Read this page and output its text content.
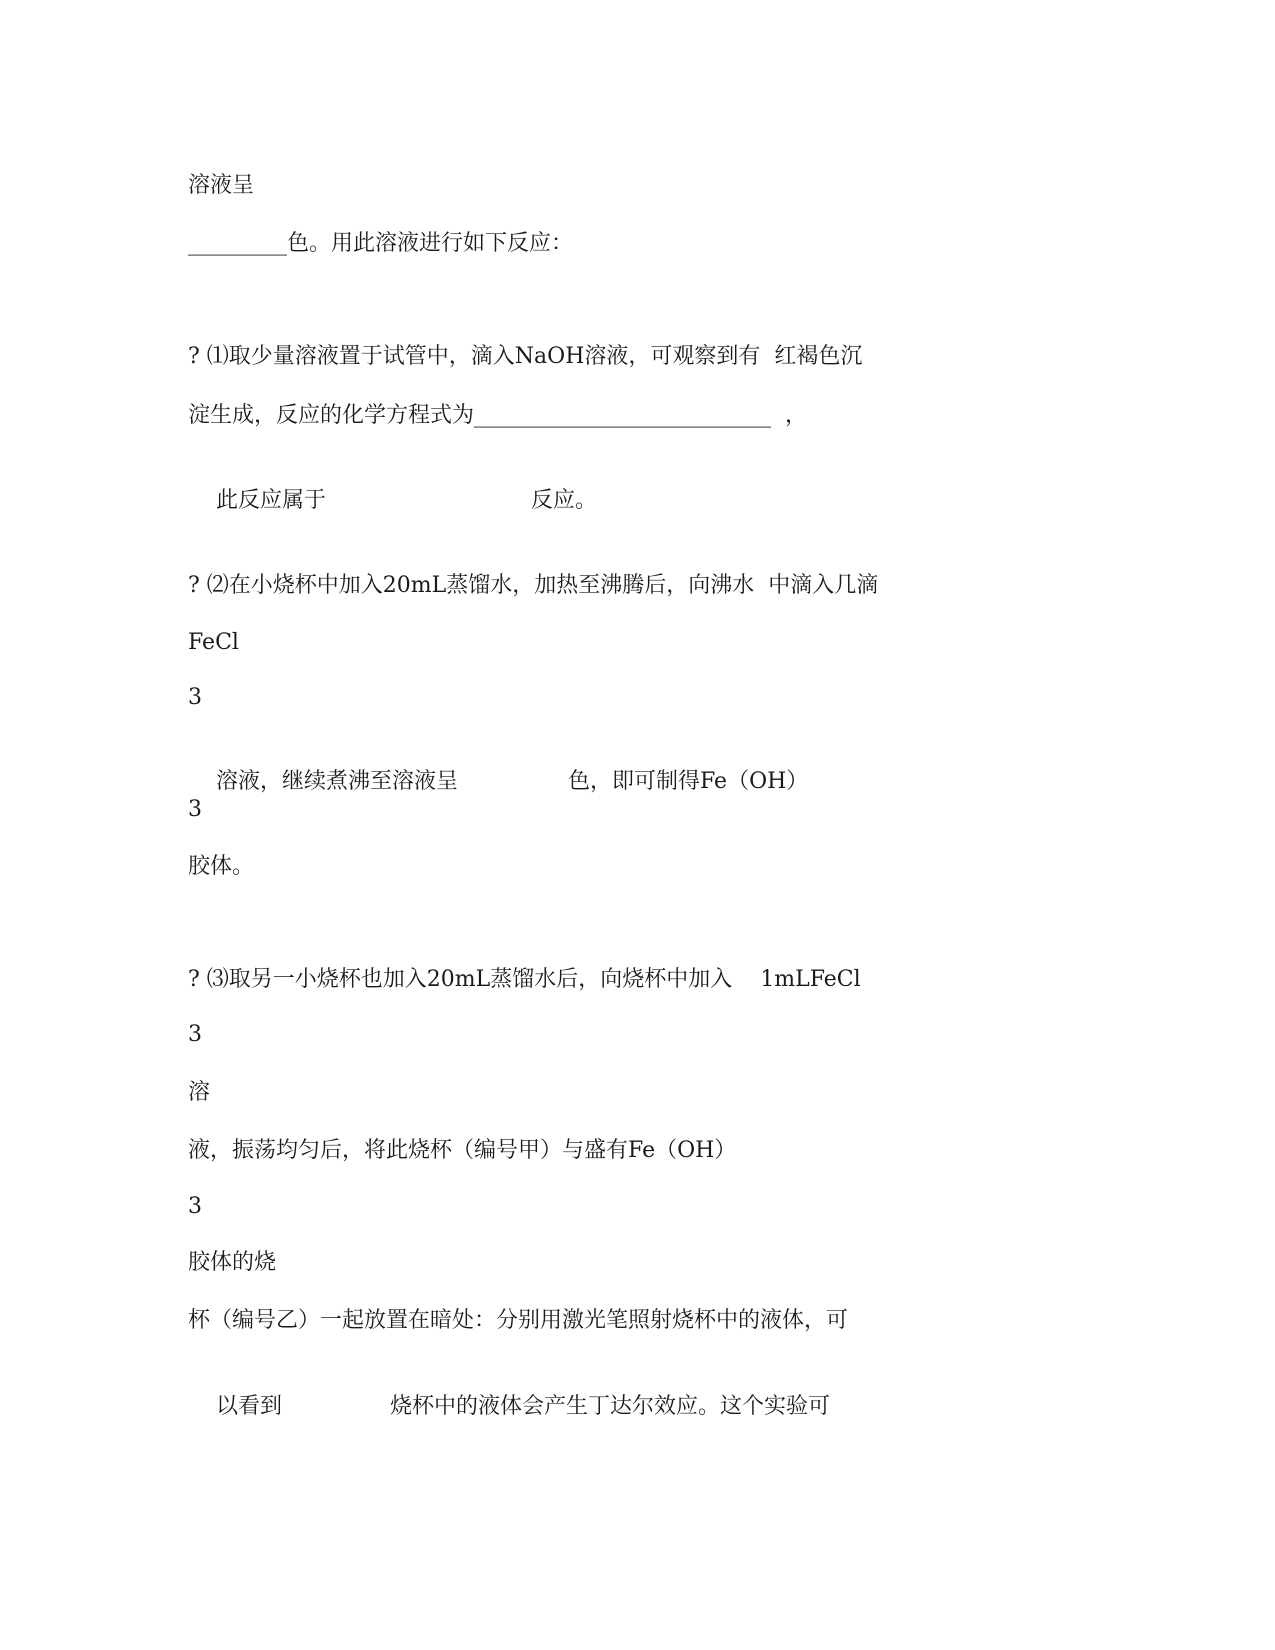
溶液呈
_________色。用此溶液进行如下反应：
? ⑴取少量溶液置于试管中，滴入NaOH溶液，可观察到有  红褐色沉
淀生成，反应的化学方程式为___________________________  ，

此反应属于	反应。

? ⑵在小烧杯中加入20mL蒸馏水，加热至沸腾后，向沸水  中滴入几滴
FeCl
3

溶液，继续煮沸至溶液呈	色，即可制得Fe（OH）

3
胶体。
? ⑶取另一小烧杯也加入20mL蒸馏水后，向烧杯中加入    1mLFeCl
3
溶
液，振荡均匀后，将此烧杯（编号甲）与盛有Fe（OH）
3
胶体的烧
杯（编号乙）一起放置在暗处：分别用激光笔照射烧杯中的液体，可

以看到	烧杯中的液体会产生丁达尔效应。这个实验可
